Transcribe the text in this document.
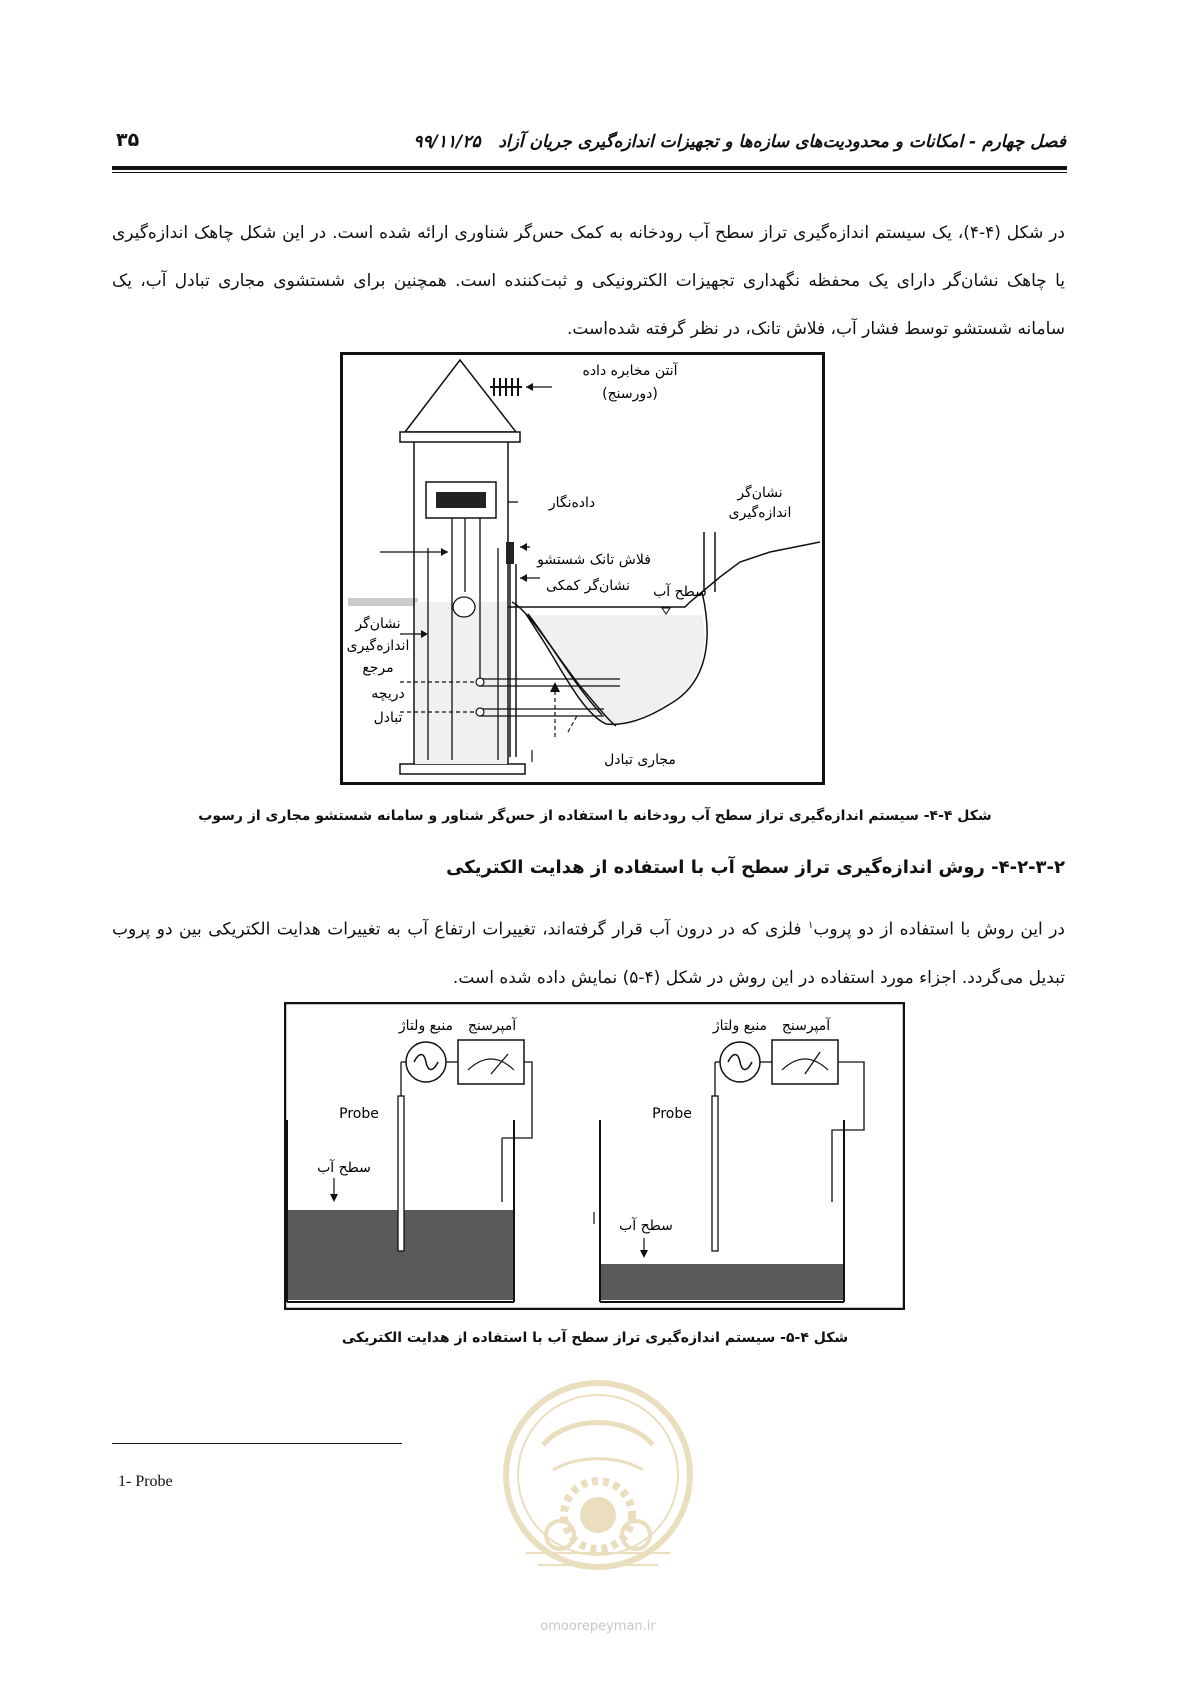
فصل چهارم - امکانات و محدودیت‌های سازه‌ها و تجهیزات اندازه‌گیری جریان آزاد   ۹۹/۱۱/۲۵
۳۵

در شکل (۴-۴)، یک سیستم اندازه‌گیری تراز سطح آب رودخانه به کمک حس‌گر شناوری ارائه شده است. در این شکل چاهک اندازه‌گیری یا چاهک نشان‌گر دارای یک محفظه نگهداری تجهیزات الکترونیکی و ثبت‌کننده است. همچنین برای شستشوی مجاری تبادل آب، یک سامانه شستشو توسط فشار آب، فلاش تانک، در نظر گرفته شده‌است.

آنتن مخابره داده
(دورسنج)
داده‌نگار
نشان‌گر
اندازه‌گیری
فلاش تانک شستشو
نشان‌گر کمکی سطح آب
نشان‌گر
اندازه‌گیری
مرجع
دریچه
تبادل
مجاری تبادل
شکل ۴-۴- سیستم اندازه‌گیری تراز سطح آب رودخانه با استفاده از حس‌گر شناور و سامانه شستشو مجاری از رسوب
۴-۲-۳-۲- روش اندازه‌گیری تراز سطح آب با استفاده از هدایت الکتریکی

در این روش با استفاده از دو پروب$^۱$ فلزی که در درون آب قرار گرفته‌اند، تغییرات ارتفاع آب به تغییرات هدایت الکتریکی بین دو پروب تبدیل می‌گردد. اجزاء مورد استفاده در این روش در شکل (۴-۵) نمایش داده شده است.

منبع ولتاژ آمپرسنج
Probe
سطح آب
منبع ولتاژ آمپرسنج
Probe
سطح آب
شکل ۴-۵- سیستم اندازه‌گیری تراز سطح آب با استفاده از هدایت الکتریکی
1- Probe
omoorepeyman.ir
